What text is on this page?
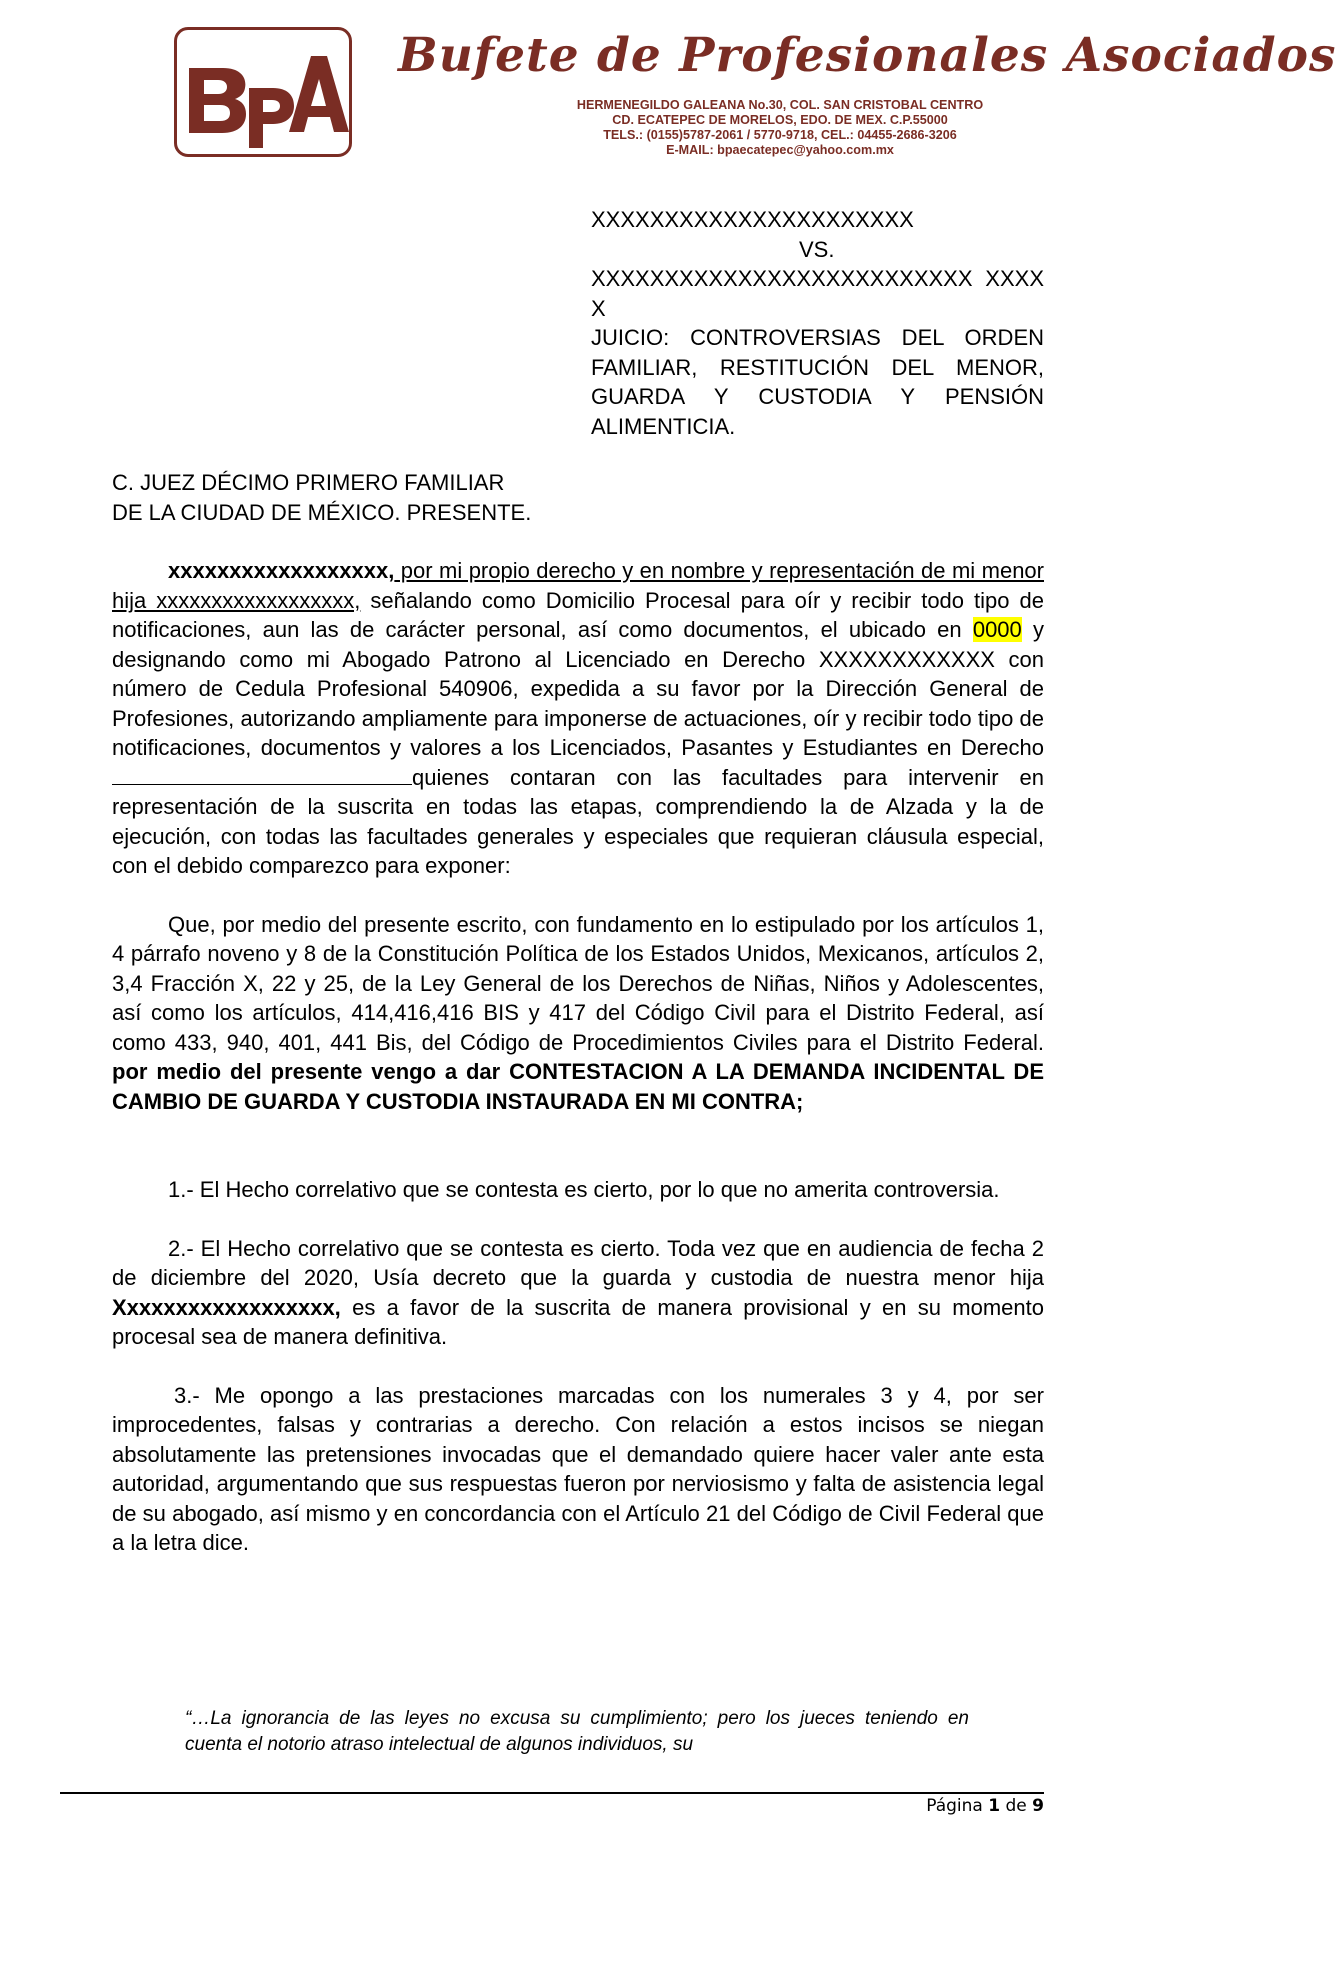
Bufete de Profesionales Asociados
HERMENEGILDO GALEANA No.30, COL. SAN CRISTOBAL CENTRO
CD. ECATEPEC DE MORELOS, EDO. DE MEX. C.P.55000
TELS.: (0155)5787-2061 / 5770-9718, CEL.: 04455-2686-3206
E-MAIL: bpaecatepec@yahoo.com.mx
XXXXXXXXXXXXXXXXXXXXXX
VS.
XXXXXXXXXXXXXXXXXXXXXXXXXX XXXXX
JUICIO: CONTROVERSIAS DEL ORDEN FAMILIAR, RESTITUCIÓN DEL MENOR, GUARDA Y CUSTODIA Y PENSIÓN ALIMENTICIA.
C. JUEZ DÉCIMO PRIMERO FAMILIAR
DE LA CIUDAD DE MÉXICO. PRESENTE.

xxxxxxxxxxxxxxxxxx, por mi propio derecho y en nombre y representación de mi menor hija xxxxxxxxxxxxxxxxxx, señalando como Domicilio Procesal para oír y recibir todo tipo de notificaciones, aun las de carácter personal, así como documentos, el ubicado en 0000 y designando como mi Abogado Patrono al Licenciado en Derecho XXXXXXXXXXXX con número de Cedula Profesional 540906, expedida a su favor por la Dirección General de Profesiones, autorizando ampliamente para imponerse de actuaciones, oír y recibir todo tipo de notificaciones, documentos y valores a los Licenciados, Pasantes y Estudiantes en Derecho quienes contaran con las facultades para intervenir en representación de la suscrita en todas las etapas, comprendiendo la de Alzada y la de ejecución, con todas las facultades generales y especiales que requieran cláusula especial, con el debido comparezco para exponer:

Que, por medio del presente escrito, con fundamento en lo estipulado por los artículos 1, 4 párrafo noveno y 8 de la Constitución Política de los Estados Unidos, Mexicanos, artículos 2, 3,4 Fracción X, 22 y 25, de la Ley General de los Derechos de Niñas, Niños y Adolescentes, así como los artículos, 414,416,416 BIS y 417 del Código Civil para el Distrito Federal, así como 433, 940, 401, 441 Bis, del Código de Procedimientos Civiles para el Distrito Federal. por medio del presente vengo a dar CONTESTACION A LA DEMANDA INCIDENTAL DE CAMBIO DE GUARDA Y CUSTODIA INSTAURADA EN MI CONTRA;

1.- El Hecho correlativo que se contesta es cierto, por lo que no amerita controversia.

2.- El Hecho correlativo que se contesta es cierto. Toda vez que en audiencia de fecha 2 de diciembre del 2020, Usía decreto que la guarda y custodia de nuestra menor hija Xxxxxxxxxxxxxxxxxx, es a favor de la suscrita de manera provisional y en su momento procesal sea de manera definitiva.

3.- Me opongo a las prestaciones marcadas con los numerales 3 y 4, por ser improcedentes, falsas y contrarias a derecho. Con relación a estos incisos se niegan absolutamente las pretensiones invocadas que el demandado quiere hacer valer ante esta autoridad, argumentando que sus respuestas fueron por nerviosismo y falta de asistencia legal de su abogado, así mismo y en concordancia con el Artículo 21 del Código de Civil Federal que a la letra dice.

“…La ignorancia de las leyes no excusa su cumplimiento; pero los jueces teniendo en cuenta el notorio atraso intelectual de algunos individuos, su
Página 1 de 9
